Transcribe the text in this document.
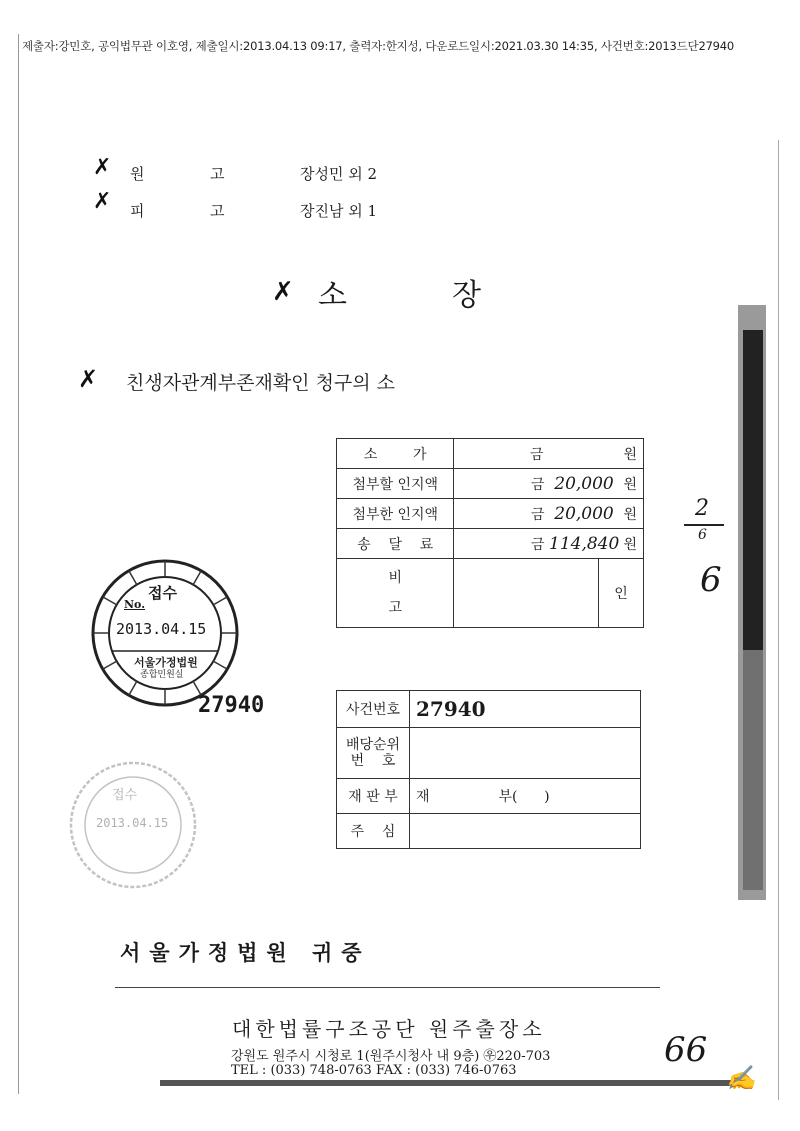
제출자:강민호, 공익법무관 이호영, 제출일시:2013.04.13 09:17, 출력자:한지성, 다운로드일시:2021.03.30 14:35, 사건번호:2013드단27940
✗ 원	고	장성민 외 2
✗ 피	고	장진남 외 1
✗ 소	장
✗ 친생자관계부존재확인 청구의 소
소        가	금 원	
첨부할 인지액	금 20,000 원	
첨부한 인지액	금 20,000 원	
송    달    료	금 114,840 원	
비
고		인
사건번호	27940
배당순위
번    호	
재 판 부	재 부(      )
주    심	
접수
No.
2013.04.15
서울가정법원
종합민원실
27940
접수
2013.04.15
2
6
6
서울가정법원 귀중
대한법률구조공단 원주출장소
강원도 원주시 시청로 1(원주시청사 내 9층) ㉾220-703
TEL : (033) 748-0763 FAX : (033) 746-0763
66
✍
